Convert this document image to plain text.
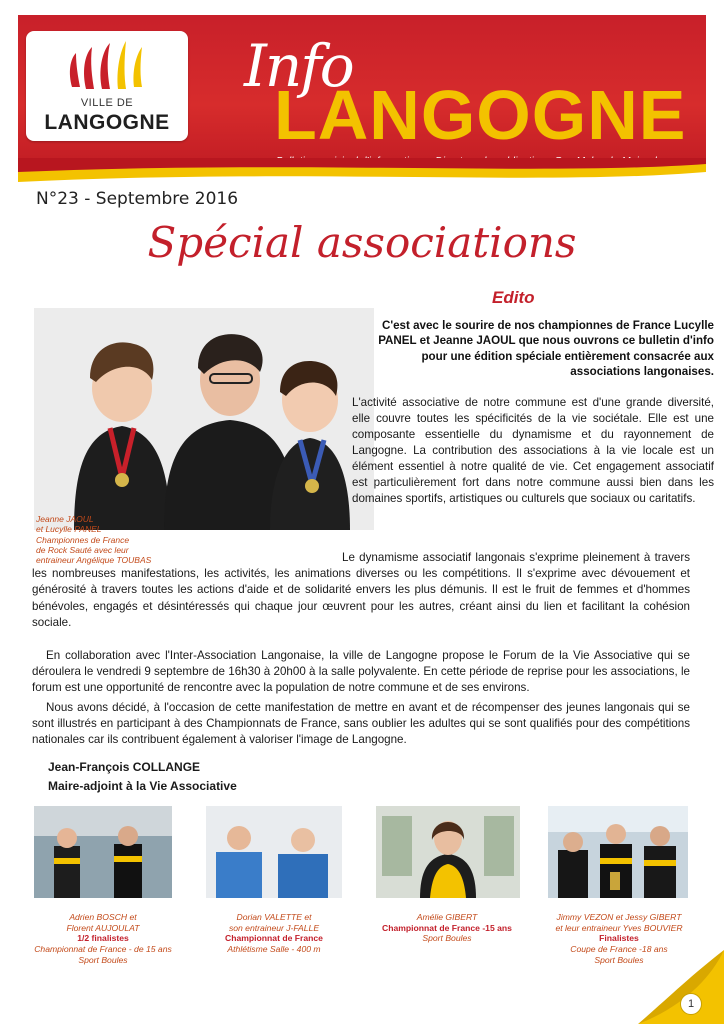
Info
LANGOGNE
VILLE DE
LANGOGNE
N°23 - Septembre 2016
Spécial associations
Edito
Jeanne JAOUL
et Lucylle PANEL
Championnes de France
de Rock Sauté avec leur
entraineur Angélique TOUBAS

C'est avec le sourire de nos championnes de France Lucylle PANEL et Jeanne JAOUL que nous ouvrons ce bulletin d'info pour une édition spéciale entièrement consacrée aux associations langonaises.

L'activité associative de notre commune est d'une grande diversité, elle couvre toutes les spécificités de la vie sociétale. Elle est une composante essentielle du dynamisme et du rayonnement de Langogne. La contribution des associations à la vie locale est un élément essentiel à notre qualité de vie. Cet engagement associatif est particulièrement fort dans notre commune aussi bien dans les domaines sportifs, artistiques ou culturels que sociaux ou caritatifs.

Le dynamisme associatif langonais s'exprime pleinement à travers les nombreuses manifestations, les activités, les animations diverses ou les compétitions. Il s'exprime avec dévouement et générosité à travers toutes les actions d'aide et de solidarité envers les plus démunis. Il est le fruit de femmes et d'hommes bénévoles, engagés et désintéressés qui chaque jour œuvrent pour les autres, créant ainsi du lien et facilitant la cohésion sociale.

En collaboration avec l'Inter-Association Langonaise, la ville de Langogne propose le Forum de la Vie Associative qui se déroulera le vendredi 9 septembre de 16h30 à 20h00 à la salle polyvalente. En cette période de reprise pour les associations, le forum est une opportunité de rencontre avec la population de notre commune et de ses environs.

Nous avons décidé, à l'occasion de cette manifestation de mettre en avant et de récompenser des jeunes langonais qui se sont illustrés en participant à des Championnats de France, sans oublier les adultes qui se sont qualifiés pour des compétitions nationales car ils contribuent également à valoriser l'image de Langogne.

Jean-François COLLANGE
Maire-adjoint à la Vie Associative
Adrien BOSCH et
Florent AUJOULAT
1/2 finalistes
Championnat de France - de 15 ans
Sport Boules
Dorian VALETTE et
son entraineur J-FALLE
Championnat de France
Athlétisme Salle - 400 m
Amélie GIBERT
Championnat de France -15 ans
Sport Boules
Jimmy VEZON et Jessy GIBERT
et leur entraineur Yves BOUVIER
Finalistes
Coupe de France -18 ans
Sport Boules
1
